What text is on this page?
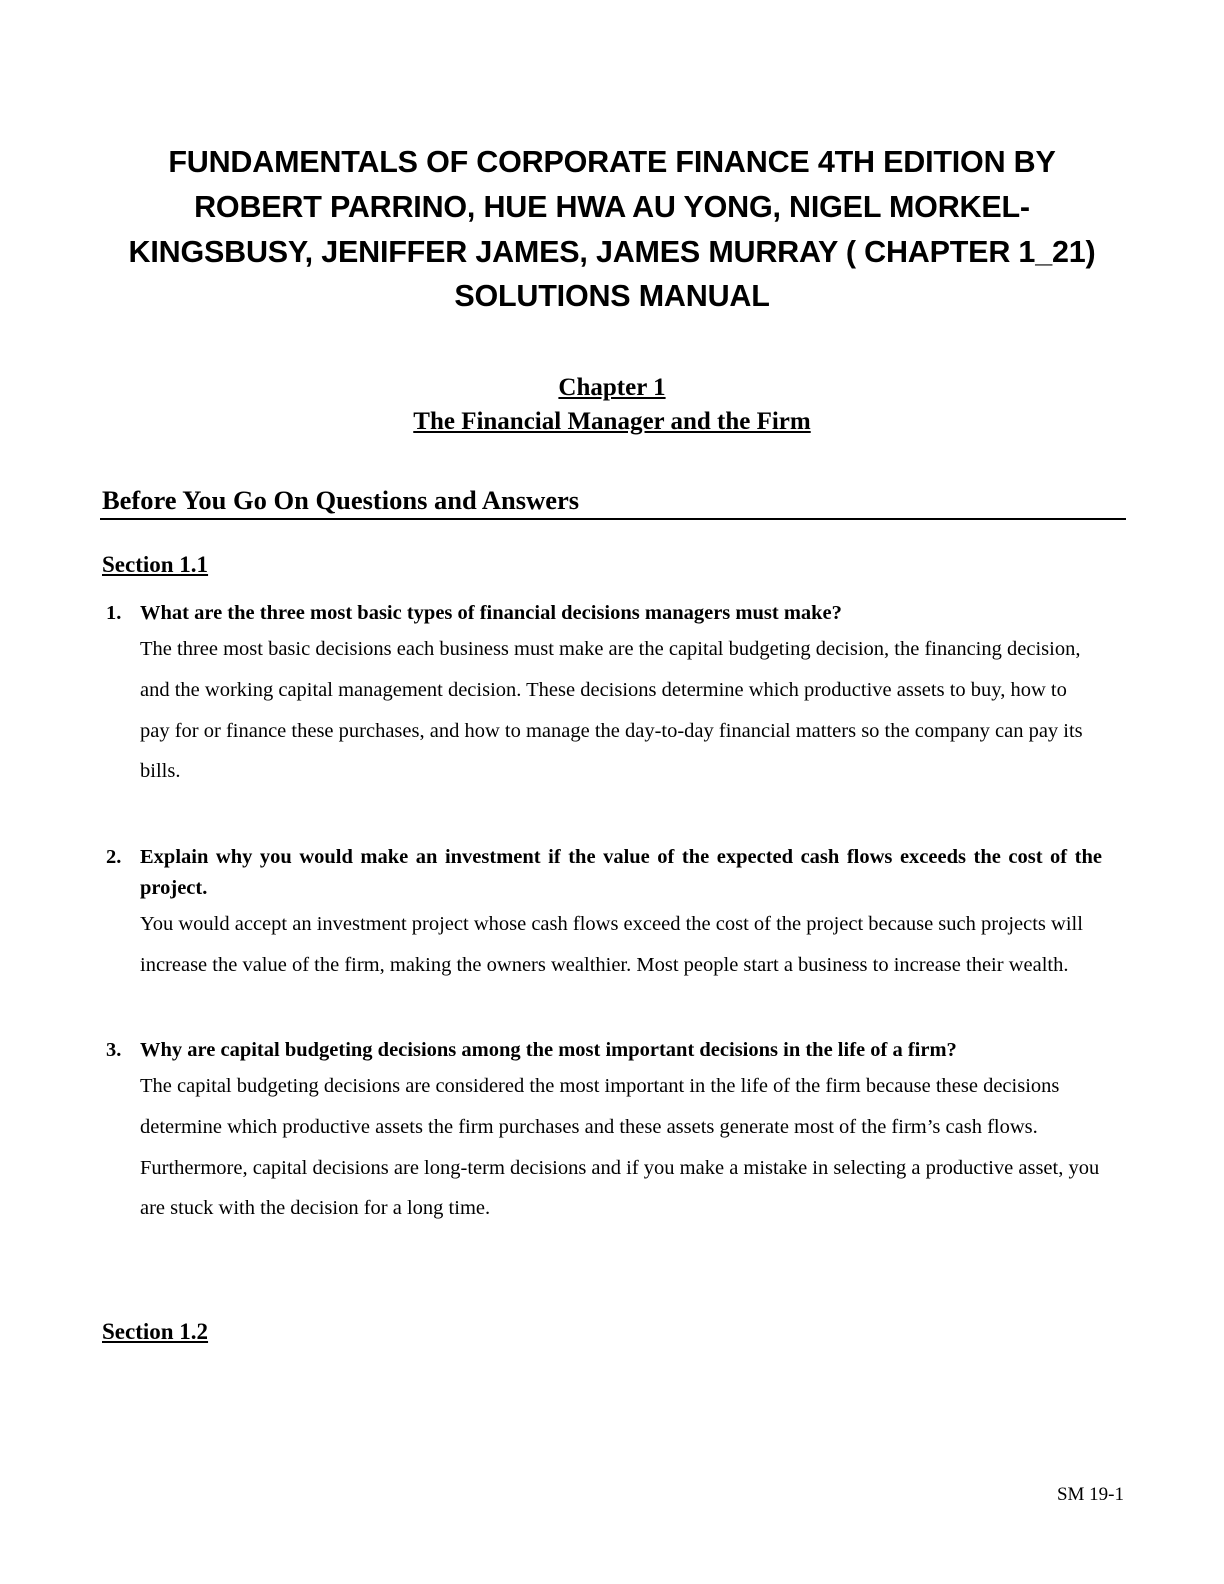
FUNDAMENTALS OF CORPORATE FINANCE 4TH EDITION BY ROBERT PARRINO, HUE HWA AU YONG, NIGEL MORKEL-KINGSBUSY, JENIFFER JAMES, JAMES MURRAY ( CHAPTER 1_21) SOLUTIONS MANUAL
Chapter 1
The Financial Manager and the Firm
Before You Go On Questions and Answers
Section 1.1
1. What are the three most basic types of financial decisions managers must make?
The three most basic decisions each business must make are the capital budgeting decision, the financing decision, and the working capital management decision. These decisions determine which productive assets to buy, how to pay for or finance these purchases, and how to manage the day-to-day financial matters so the company can pay its bills.
2. Explain why you would make an investment if the value of the expected cash flows exceeds the cost of the project.
You would accept an investment project whose cash flows exceed the cost of the project because such projects will increase the value of the firm, making the owners wealthier. Most people start a business to increase their wealth.
3. Why are capital budgeting decisions among the most important decisions in the life of a firm?
The capital budgeting decisions are considered the most important in the life of the firm because these decisions determine which productive assets the firm purchases and these assets generate most of the firm’s cash flows. Furthermore, capital decisions are long-term decisions and if you make a mistake in selecting a productive asset, you are stuck with the decision for a long time.
Section 1.2
SM 19-1
